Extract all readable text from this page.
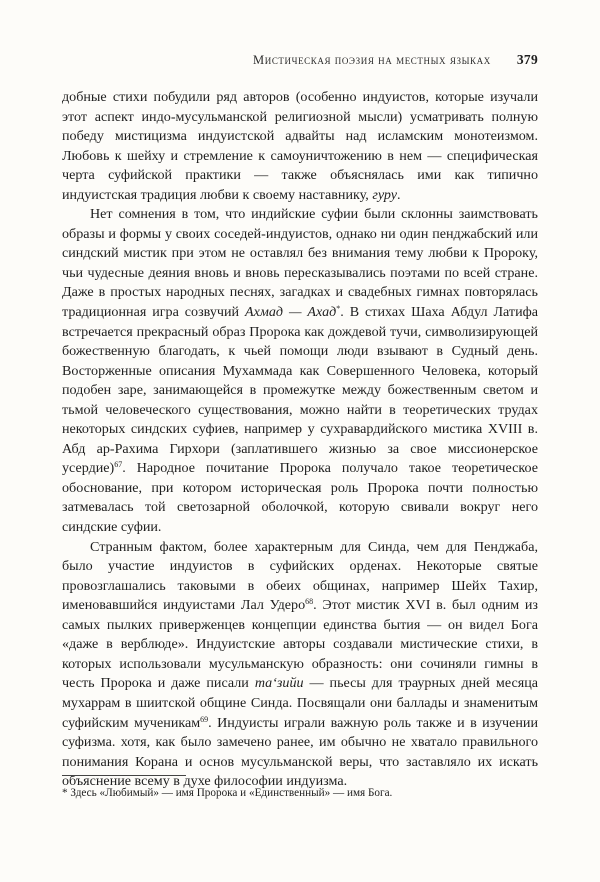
Мистическая поэзия на местных языках 379

добные стихи побудили ряд авторов (особенно индуистов, которые изучали этот аспект индо-мусульманской религиозной мысли) усматривать полную победу мистицизма индуистской адвайты над исламским монотеизмом. Любовь к шейху и стремление к самоуничтожению в нем — специфическая черта суфийской практики — также объяснялась ими как типично индуистская традиция любви к своему наставнику, гуру.

Нет сомнения в том, что индийские суфии были склонны заимствовать образы и формы у своих соседей-индуистов, однако ни один пенджабский или синдский мистик при этом не оставлял без внимания тему любви к Пророку, чьи чудесные деяния вновь и вновь пересказывались поэтами по всей стране. Даже в простых народных песнях, загадках и свадебных гимнах повторялась традиционная игра созвучий Ахмад — Ахад*. В стихах Шаха Абдул Латифа встречается прекрасный образ Пророка как дождевой тучи, символизирующей божественную благодать, к чьей помощи люди взывают в Судный день. Восторженные описания Мухаммада как Совершенного Человека, который подобен заре, занимающейся в промежутке между божественным светом и тьмой человеческого существования, можно найти в теоретических трудах некоторых синдских суфиев, например у сухравардийского мистика XVIII в. Абд ар-Рахима Гирхори (заплатившего жизнью за свое миссионерское усердие)$^{67}$. Народное почитание Пророка получало такое теоретическое обоснование, при котором историческая роль Пророка почти полностью затмевалась той светозарной оболочкой, которую свивали вокруг него синдские суфии.

Странным фактом, более характерным для Синда, чем для Пенджаба, было участие индуистов в суфийских орденах. Некоторые святые провозглашались таковыми в обеих общинах, например Шейх Тахир, именовавшийся индуистами Лал Удеро$^{68}$. Этот мистик XVI в. был одним из самых пылких приверженцев концепции единства бытия — он видел Бога «даже в верблюде». Индуистские авторы создавали мистические стихи, в которых использовали мусульманскую образность: они сочиняли гимны в честь Пророка и даже писали та‘зийи — пьесы для траурных дней месяца мухаррам в шиитской общине Синда. Посвящали они баллады и знаменитым суфийским мученикам$^{69}$. Индуисты играли важную роль также и в изучении суфизма. хотя, как было замечено ранее, им обычно не хватало правильного понимания Корана и основ мусульманской веры, что заставляло их искать объяснение всему в духе философии индуизма.

* Здесь «Любимый» — имя Пророка и «Единственный» — имя Бога.
